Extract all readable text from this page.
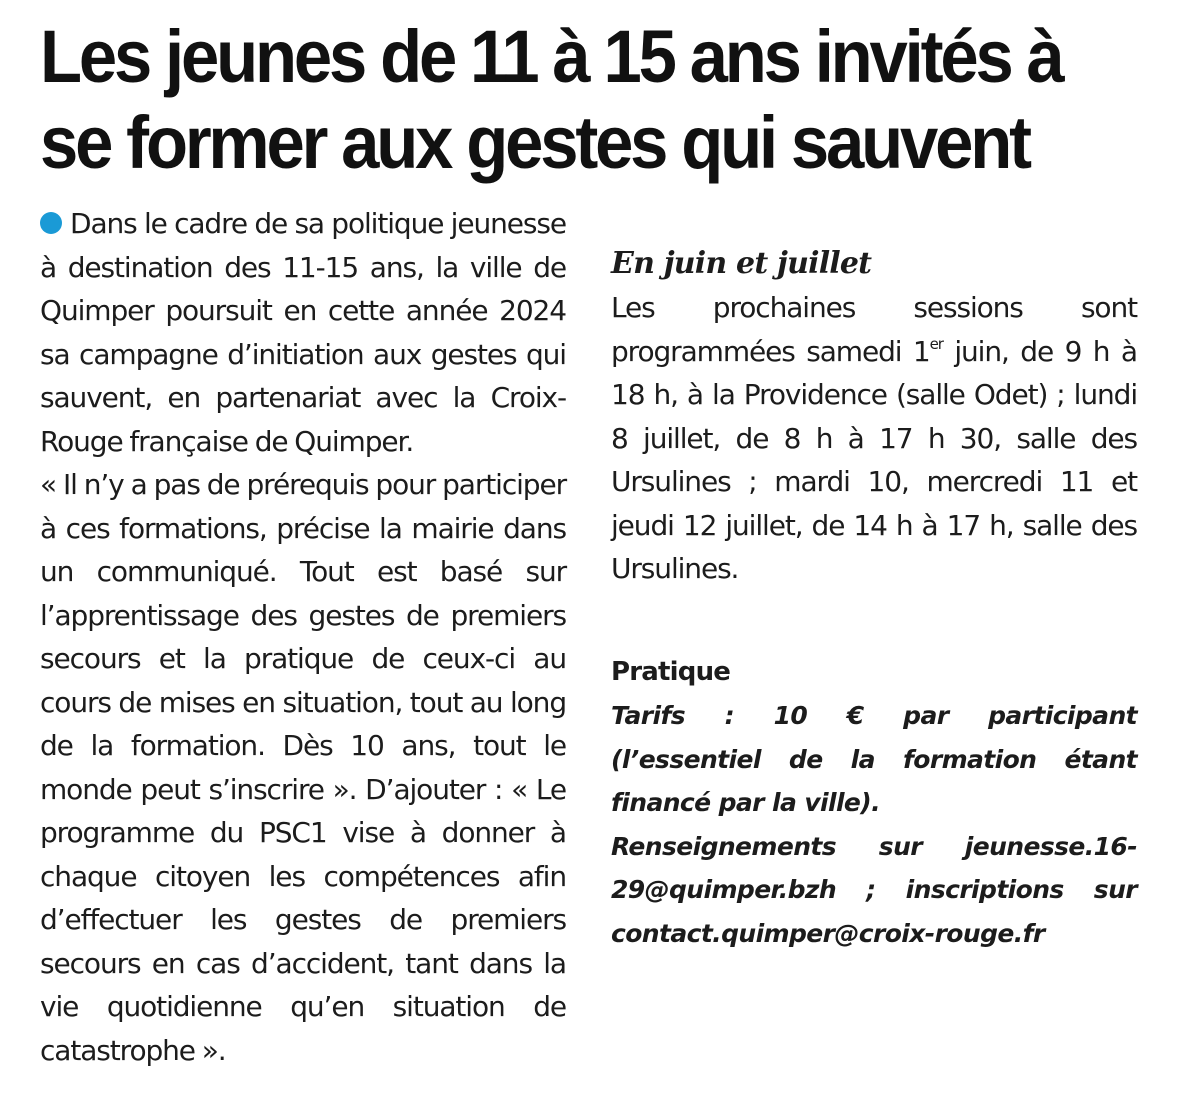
Les jeunes de 11 à 15 ans invités à se former aux gestes qui sauvent

Dans le cadre de sa politique jeunesse à destination des 11-15 ans, la ville de Quimper poursuit en cette année 2024 sa campagne d’initiation aux gestes qui sauvent, en partenariat avec la Croix-Rouge française de Quimper.

« Il n’y a pas de prérequis pour participer à ces formations, précise la mairie dans un communiqué. Tout est basé sur l’apprentissage des gestes de premiers secours et la pratique de ceux-ci au cours de mises en situation, tout au long de la formation. Dès 10 ans, tout le monde peut s’inscrire ». D’ajouter : « Le programme du PSC1 vise à donner à chaque citoyen les compétences afin d’effectuer les gestes de premiers secours en cas d’accident, tant dans la vie quotidienne qu’en situation de catastrophe ».

En juin et juillet

Les prochaines sessions sont programmées samedi 1er juin, de 9 h à 18 h, à la Providence (salle Odet) ; lundi 8 juillet, de 8 h à 17 h 30, salle des Ursulines ; mardi 10, mercredi 11 et jeudi 12 juillet, de 14 h à 17 h, salle des Ursulines.

Pratique

Tarifs : 10 € par participant (l’essentiel de la formation étant financé par la ville).

Renseignements sur jeunesse.16-29@quimper.bzh ; inscriptions sur contact.quimper@croix-rouge.fr
